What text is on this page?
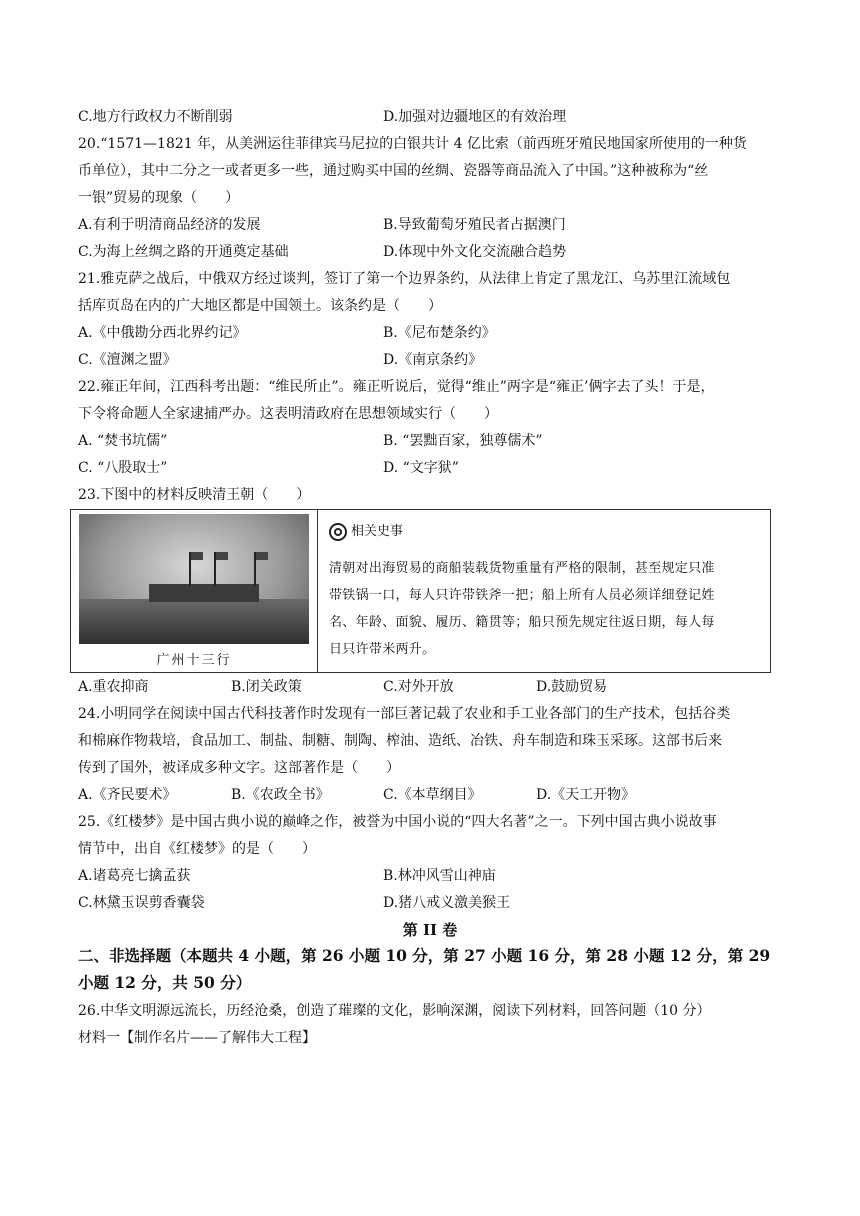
C.地方行政权力不断削弱	D.加强对边疆地区的有效治理
20.“1571—1821 年，从美洲运往菲律宾马尼拉的白银共计 4 亿比索（前西班牙殖民地国家所使用的一种货
币单位），其中二分之一或者更多一些，通过购买中国的丝绸、瓷器等商品流入了中国。”这种被称为“丝
一银”贸易的现象（　　）
A.有利于明清商品经济的发展	B.导致葡萄牙殖民者占据澳门
C.为海上丝绸之路的开通奠定基础	D.体现中外文化交流融合趋势
21.雅克萨之战后，中俄双方经过谈判，签订了第一个边界条约，从法律上肯定了黑龙江、乌苏里江流域包
括库页岛在内的广大地区都是中国领土。该条约是（　　）
A.《中俄勘分西北界约记》	B.《尼布楚条约》
C.《澶渊之盟》	D.《南京条约》
22.雍正年间，江西科考出题：“维民所止”。雍正听说后，觉得“维止”两字是“雍正’俩字去了头！于是，
下令将命题人全家逮捕严办。这表明清政府在思想领域实行（　　）
A. “焚书坑儒”	B. “罢黜百家，独尊儒术”
C. “八股取士”	D. “文字狱”
23.下图中的材料反映清王朝（　　）
广州十三行
相关史事
清朝对出海贸易的商船装载货物重量有严格的限制，甚至规定只准
带铁锅一口，每人只许带铁斧一把；船上所有人员必须详细登记姓
名、年龄、面貌、履历、籍贯等；船只预先规定往返日期，每人每
日只许带米两升。
A.重农抑商	B.闭关政策	C.对外开放	D.鼓励贸易
24.小明同学在阅读中国古代科技著作时发现有一部巨著记载了农业和手工业各部门的生产技术，包括谷类
和棉麻作物栽培，食品加工、制盐、制糖、制陶、榨油、造纸、冶铁、舟车制造和珠玉采琢。这部书后来
传到了国外，被译成多种文字。这部著作是（　　）
A.《齐民要术》	B.《农政全书》	C.《本草纲目》	D.《天工开物》
25.《红楼梦》是中国古典小说的巅峰之作，被誉为中国小说的“四大名著”之一。下列中国古典小说故事
情节中，出自《红楼梦》的是（　　）
A.诸葛亮七擒孟获	B.林冲风雪山神庙
C.林黛玉误剪香囊袋	D.猪八戒义激美猴王
第 II 卷
二、非选择题（本题共 4 小题，第 26 小题 10 分，第 27 小题 16 分，第 28 小题 12 分，第 29
小题 12 分，共 50 分）
26.中华文明源远流长，历经沧桑，创造了璀璨的文化，影响深渊，阅读下列材料，回答问题（10 分）
材料一【制作名片——了解伟大工程】
